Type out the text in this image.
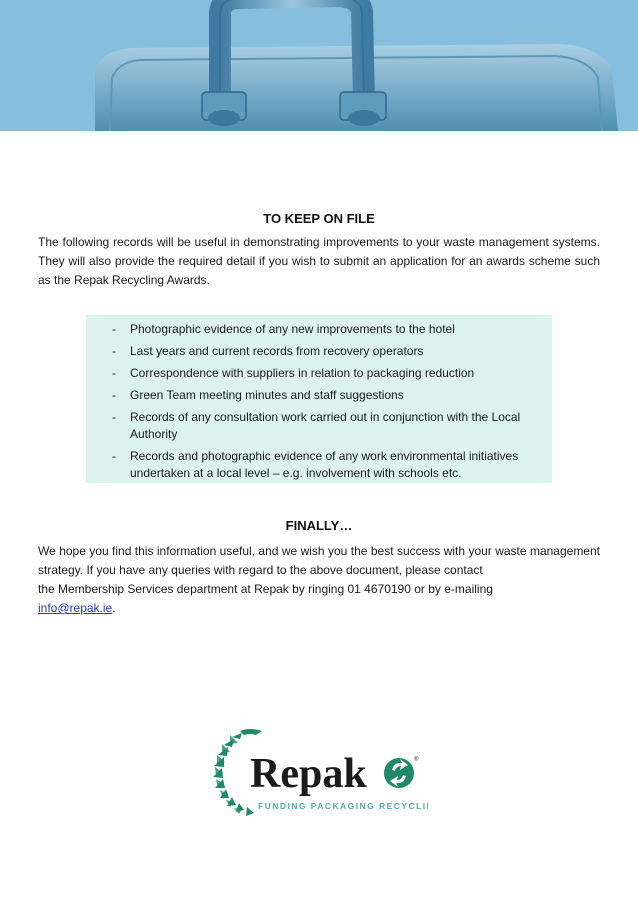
TO KEEP ON FILE
The following records will be useful in demonstrating improvements to your waste management systems. They will also provide the required detail if you wish to submit an application for an awards scheme such as the Repak Recycling Awards.
- Photographic evidence of any new improvements to the hotel
- Last years and current records from recovery operators
- Correspondence with suppliers in relation to packaging reduction
- Green Team meeting minutes and staff suggestions
- Records of any consultation work carried out in conjunction with the Local Authority
- Records and photographic evidence of any work environmental initiatives undertaken at a local level – e.g. involvement with schools etc.
FINALLY…
We hope you find this information useful, and we wish you the best success with your waste management strategy. If you have any queries with regard to the above document, please contact
the Membership Services department at Repak by ringing 01 4670190 or by e-mailing
info@repak.ie.
Repak	®
FUNDING PACKAGING RECYCLING
